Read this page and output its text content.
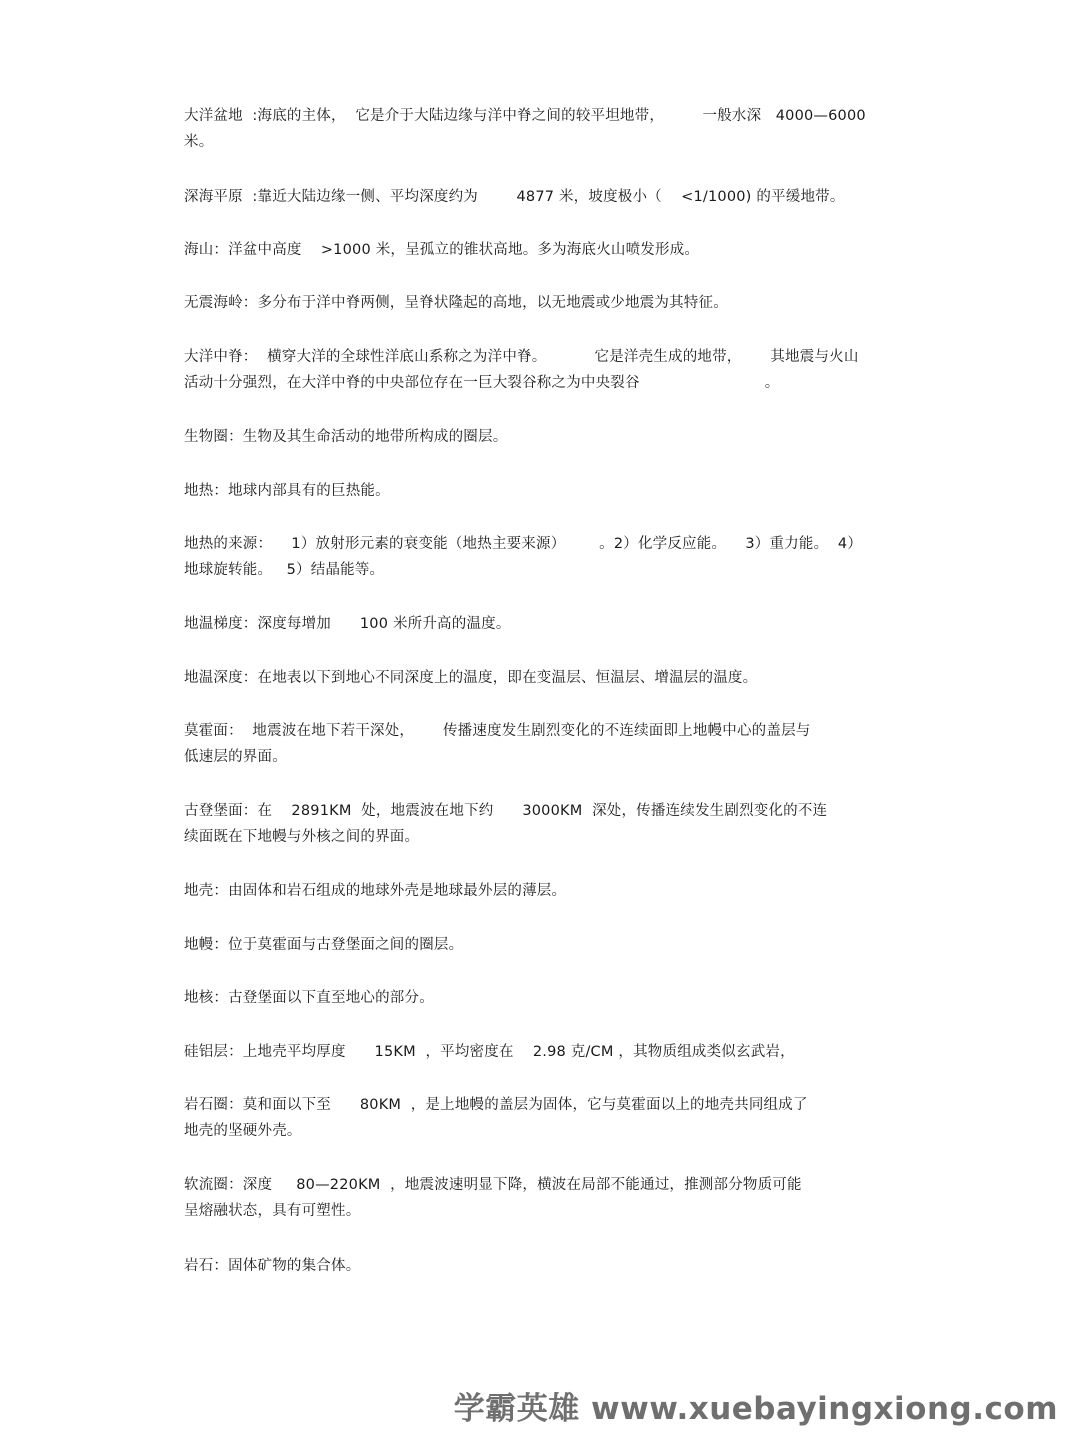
大洋盆地  :海底的主体，  它是介于大陆边缘与洋中脊之间的较平坦地带，        一般水深   4000—6000
米。
深海平原  :靠近大陆边缘一侧、平均深度约为        4877 米，坡度极小（    <1/1000) 的平缓地带。
海山：洋盆中高度    >1000 米，呈孤立的锥状高地。多为海底火山喷发形成。
无震海岭：多分布于洋中脊两侧，呈脊状隆起的高地，以无地震或少地震为其特征。
大洋中脊：  横穿大洋的全球性洋底山系称之为洋中脊。          它是洋壳生成的地带，      其地震与火山
活动十分强烈，在大洋中脊的中央部位存在一巨大裂谷称之为中央裂谷                          。
生物圈：生物及其生命活动的地带所构成的圈层。
地热：地球内部具有的巨热能。
地热的来源：    1）放射形元素的衰变能（地热主要来源）       。2）化学反应能。    3）重力能。  4）
地球旋转能。   5）结晶能等。
地温梯度：深度每增加      100 米所升高的温度。
地温深度：在地表以下到地心不同深度上的温度，即在变温层、恒温层、增温层的温度。
莫霍面：  地震波在地下若干深处，      传播速度发生剧烈变化的不连续面即上地幔中心的盖层与
低速层的界面。
古登堡面：在    2891KM  处，地震波在地下约      3000KM  深处，传播连续发生剧烈变化的不连
续面既在下地幔与外核之间的界面。
地壳：由固体和岩石组成的地球外壳是地球最外层的薄层。
地幔：位于莫霍面与古登堡面之间的圈层。
地核：古登堡面以下直至地心的部分。
硅铝层：上地壳平均厚度      15KM  ，平均密度在    2.98 克/CM ，其物质组成类似玄武岩，
岩石圈：莫和面以下至      80KM  ，是上地幔的盖层为固体，它与莫霍面以上的地壳共同组成了
地壳的坚硬外壳。
软流圈：深度     80—220KM  ，地震波速明显下降，横波在局部不能通过，推测部分物质可能
呈熔融状态，具有可塑性。
岩石：固体矿物的集合体。
学霸英雄 www.xuebayingxiong.com
